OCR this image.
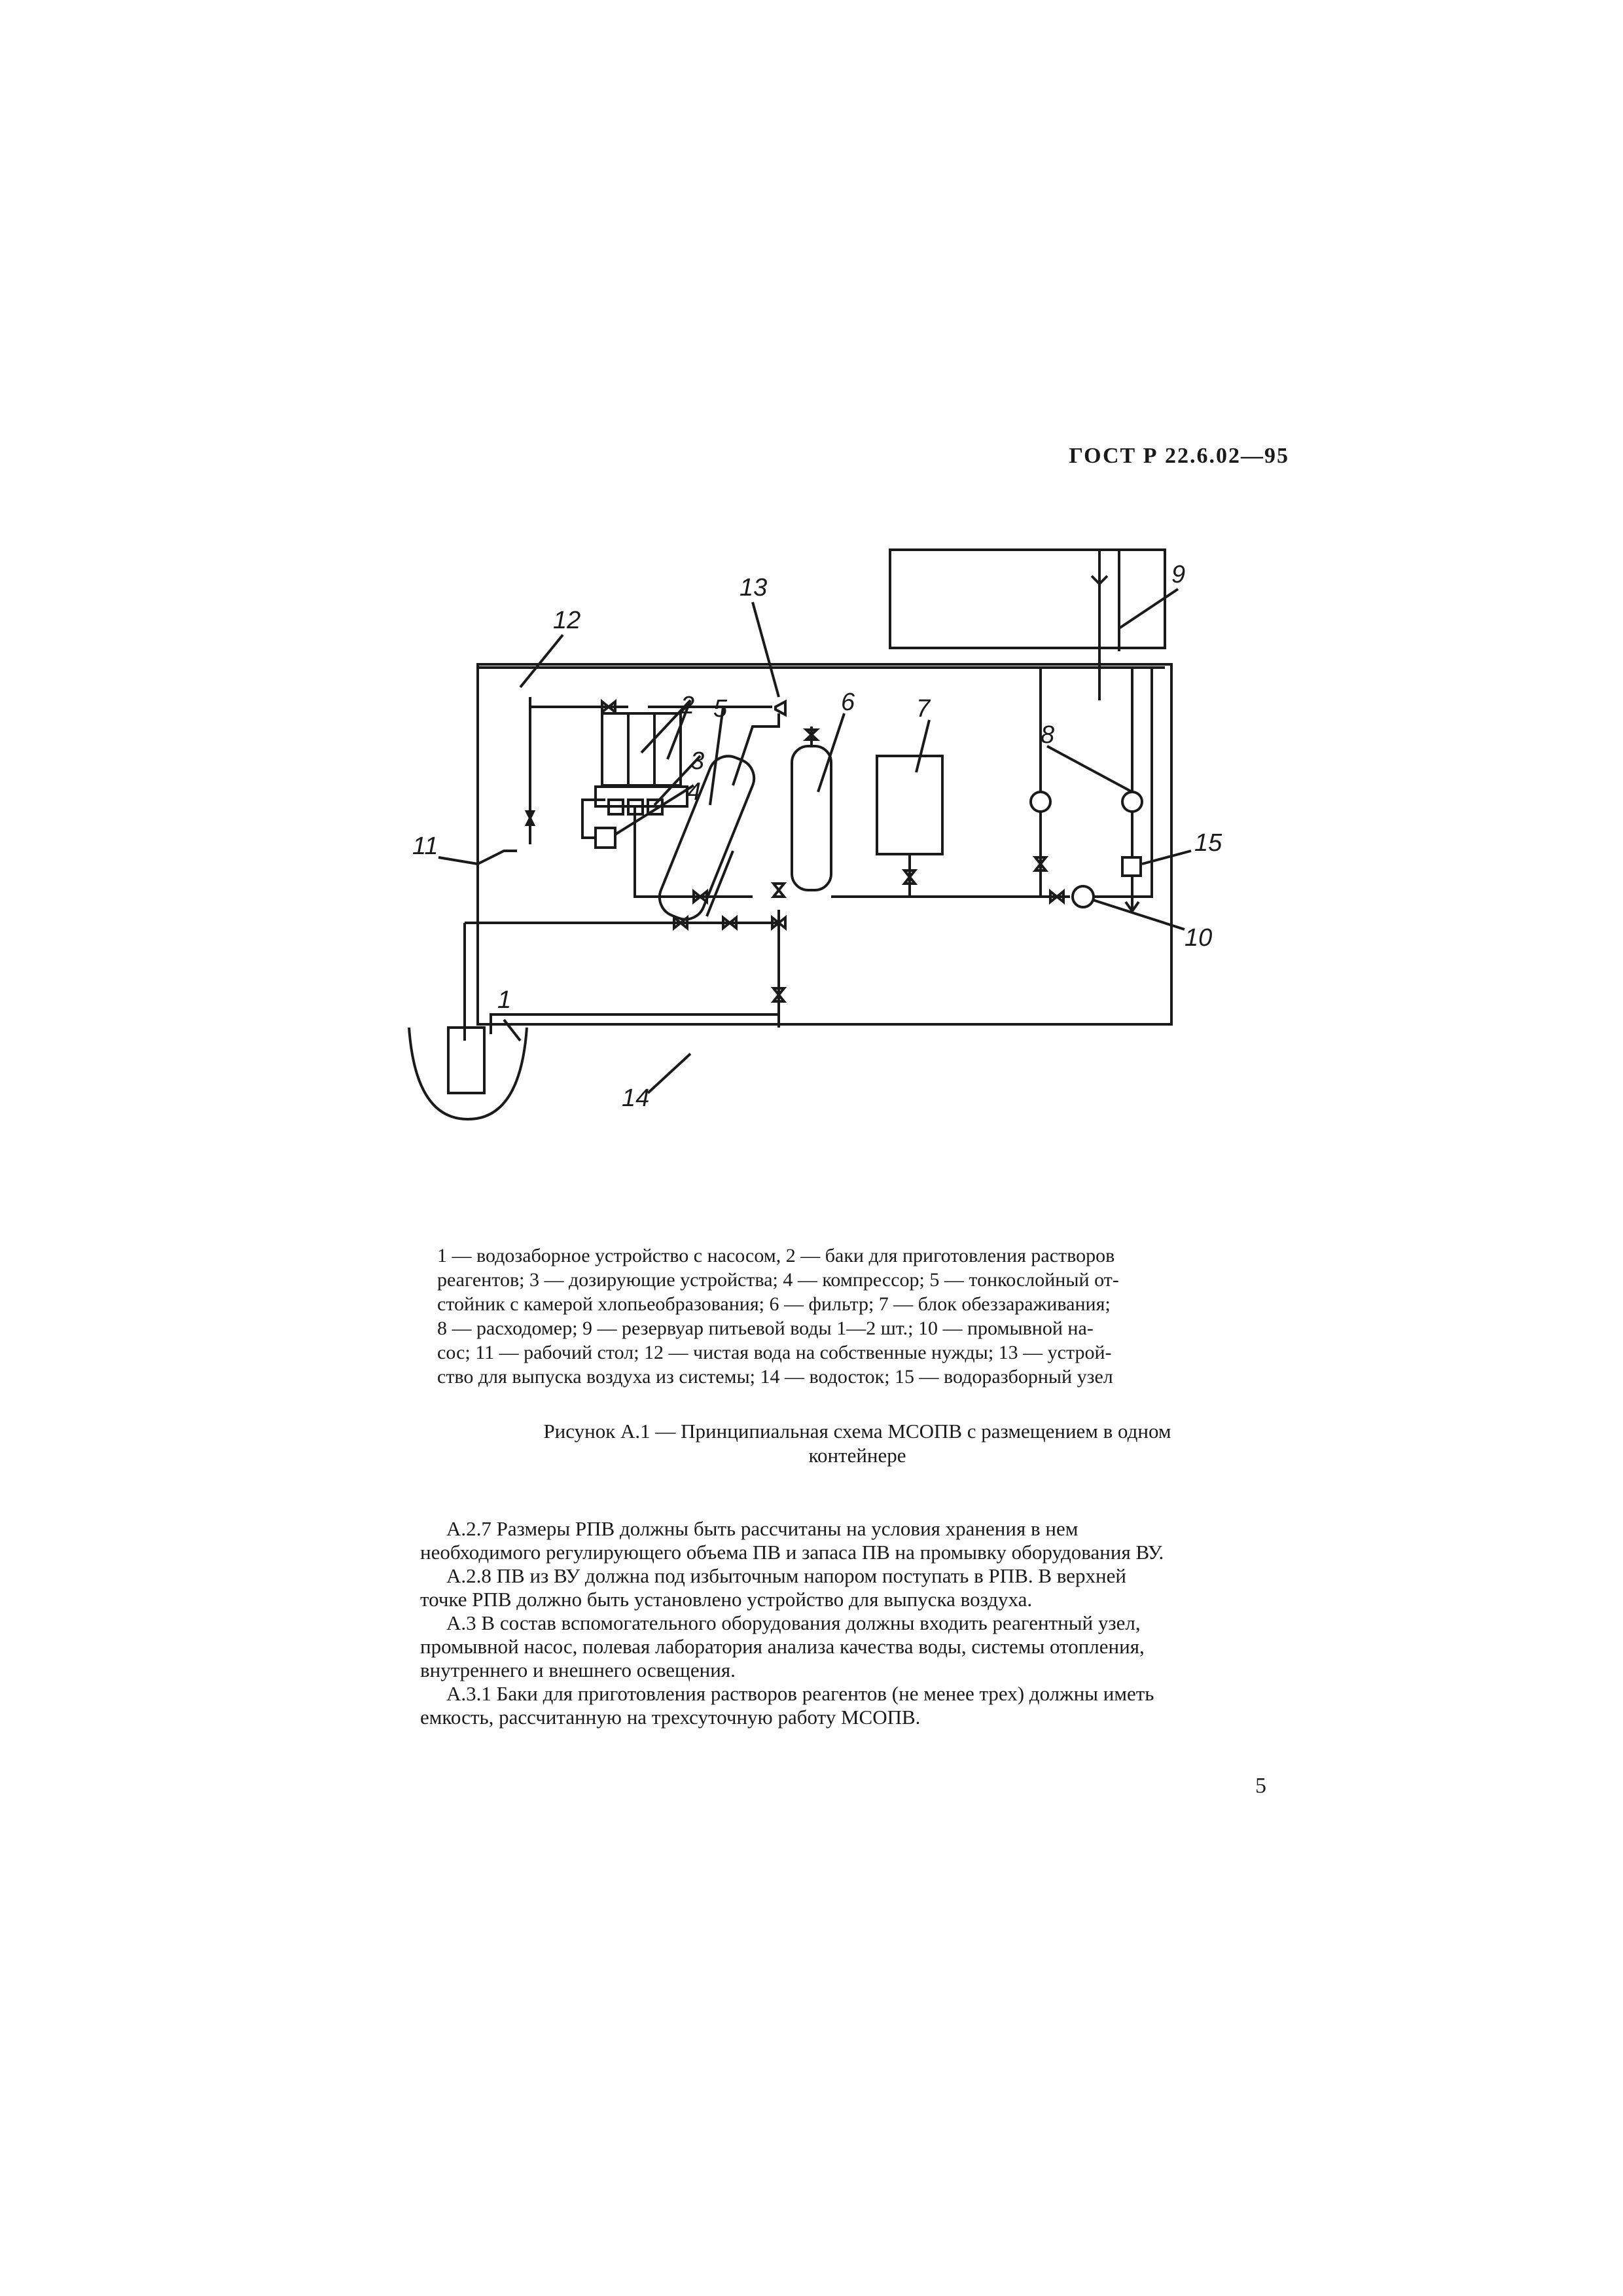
ГОСТ Р 22.6.02—95
1
2
3
4
5	6 7
8
9
10
11
12
13
14
15

1 — водозаборное устройство с насосом, 2 — баки для приготовления растворов

реагентов; 3 — дозирующие устройства; 4 — компрессор; 5 — тонкослойный от-

стойник с камерой хлопьеобразования; 6 — фильтр; 7 — блок обеззараживания;

8 — расходомер; 9 — резервуар питьевой воды 1—2 шт.; 10 — промывной на-

сос; 11 — рабочий стол; 12 — чистая вода на собственные нужды; 13 — устрой-

ство для выпуска воздуха из системы; 14 — водосток; 15 — водоразборный узел

Рисунок А.1 — Принципиальная схема МСОПВ с размещением в одном
контейнере

А.2.7 Размеры РПВ должны быть рассчитаны на условия хранения в нем

необходимого регулирующего объема ПВ и запаса ПВ на промывку оборудования ВУ.

А.2.8 ПВ из ВУ должна под избыточным напором поступать в РПВ. В верхней

точке РПВ должно быть установлено устройство для выпуска воздуха.

А.3 В состав вспомогательного оборудования должны входить реагентный узел,

промывной насос, полевая лаборатория анализа качества воды, системы отопления,

внутреннего и внешнего освещения.

А.3.1 Баки для приготовления растворов реагентов (не менее трех) должны иметь

емкость, рассчитанную на трехсуточную работу МСОПВ.

5
